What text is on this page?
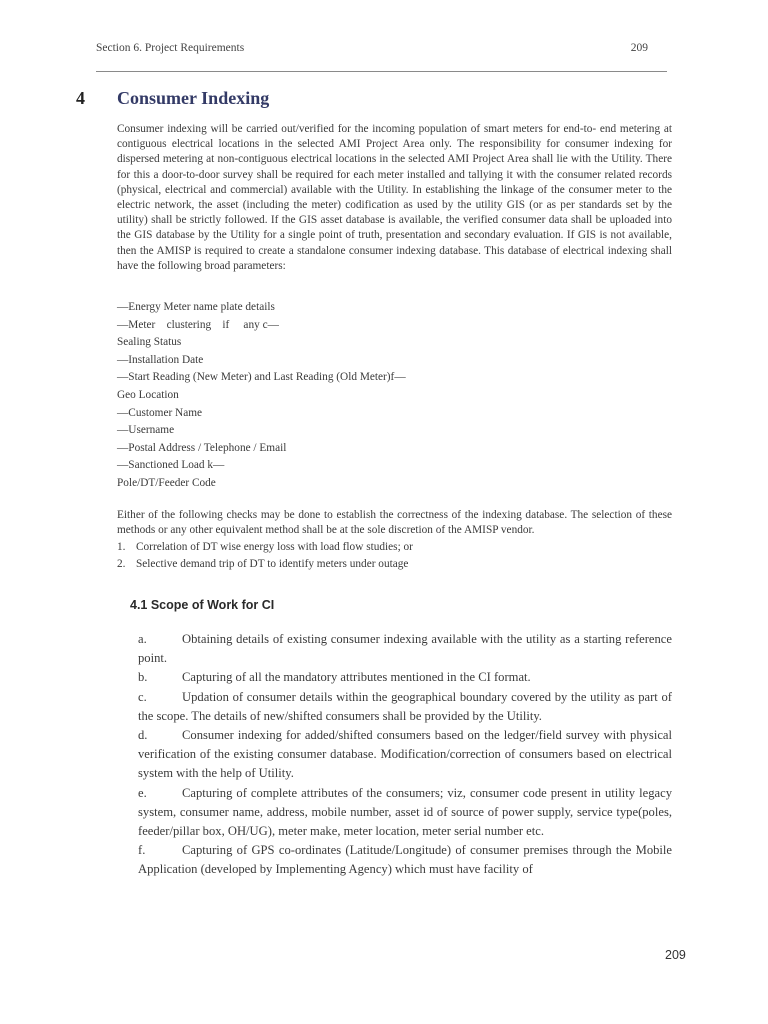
Section 6. Project Requirements	209
4	Consumer Indexing
Consumer indexing will be carried out/verified for the incoming population of smart meters for end-to- end metering at contiguous electrical locations in the selected AMI Project Area only. The responsibility for consumer indexing for dispersed metering at non-contiguous electrical locations in the selected AMI Project Area shall lie with the Utility. There for this a door-to-door survey shall be required for each meter installed and tallying it with the consumer related records (physical, electrical and commercial) available with the Utility. In establishing the linkage of the consumer meter to the electric network, the asset (including the meter) codification as used by the utility GIS (or as per standards set by the utility) shall be strictly followed. If the GIS asset database is available, the verified consumer data shall be uploaded into the GIS database by the Utility for a single point of truth, presentation and secondary evaluation. If GIS is not available, then the AMISP is required to create a standalone consumer indexing database. This database of electrical indexing shall have the following broad parameters:
—Energy Meter name plate details
—Meter    clustering    if     any c—
Sealing Status
—Installation Date
—Start Reading (New Meter) and Last Reading (Old Meter)f—
Geo Location
—Customer Name
—Username
—Postal Address / Telephone / Email
—Sanctioned Load k—
Pole/DT/Feeder Code
Either of the following checks may be done to establish the correctness of the indexing database. The selection of these methods or any other equivalent method shall be at the sole discretion of the AMISP vendor.
1. Correlation of DT wise energy loss with load flow studies; or
2. Selective demand trip of DT to identify meters under outage
4.1 Scope of Work for CI

a.	Obtaining details of existing consumer indexing available with the utility as a starting reference point.

b.	Capturing of all the mandatory attributes mentioned in the CI format.

c.	Updation of consumer details within the geographical boundary covered by the utility as part of the scope. The details of new/shifted consumers shall be provided by the Utility.

d.	Consumer indexing for added/shifted consumers based on the ledger/field survey with physical verification of the existing consumer database. Modification/correction of consumers based on electrical system with the help of Utility.

e.	Capturing of complete attributes of the consumers; viz, consumer code present in utility legacy system, consumer name, address, mobile number, asset id of source of power supply, service type(poles, feeder/pillar box, OH/UG), meter make, meter location, meter serial number etc.

f.	Capturing of GPS co-ordinates (Latitude/Longitude) of consumer premises through the Mobile Application (developed by Implementing Agency) which must have facility of

209
